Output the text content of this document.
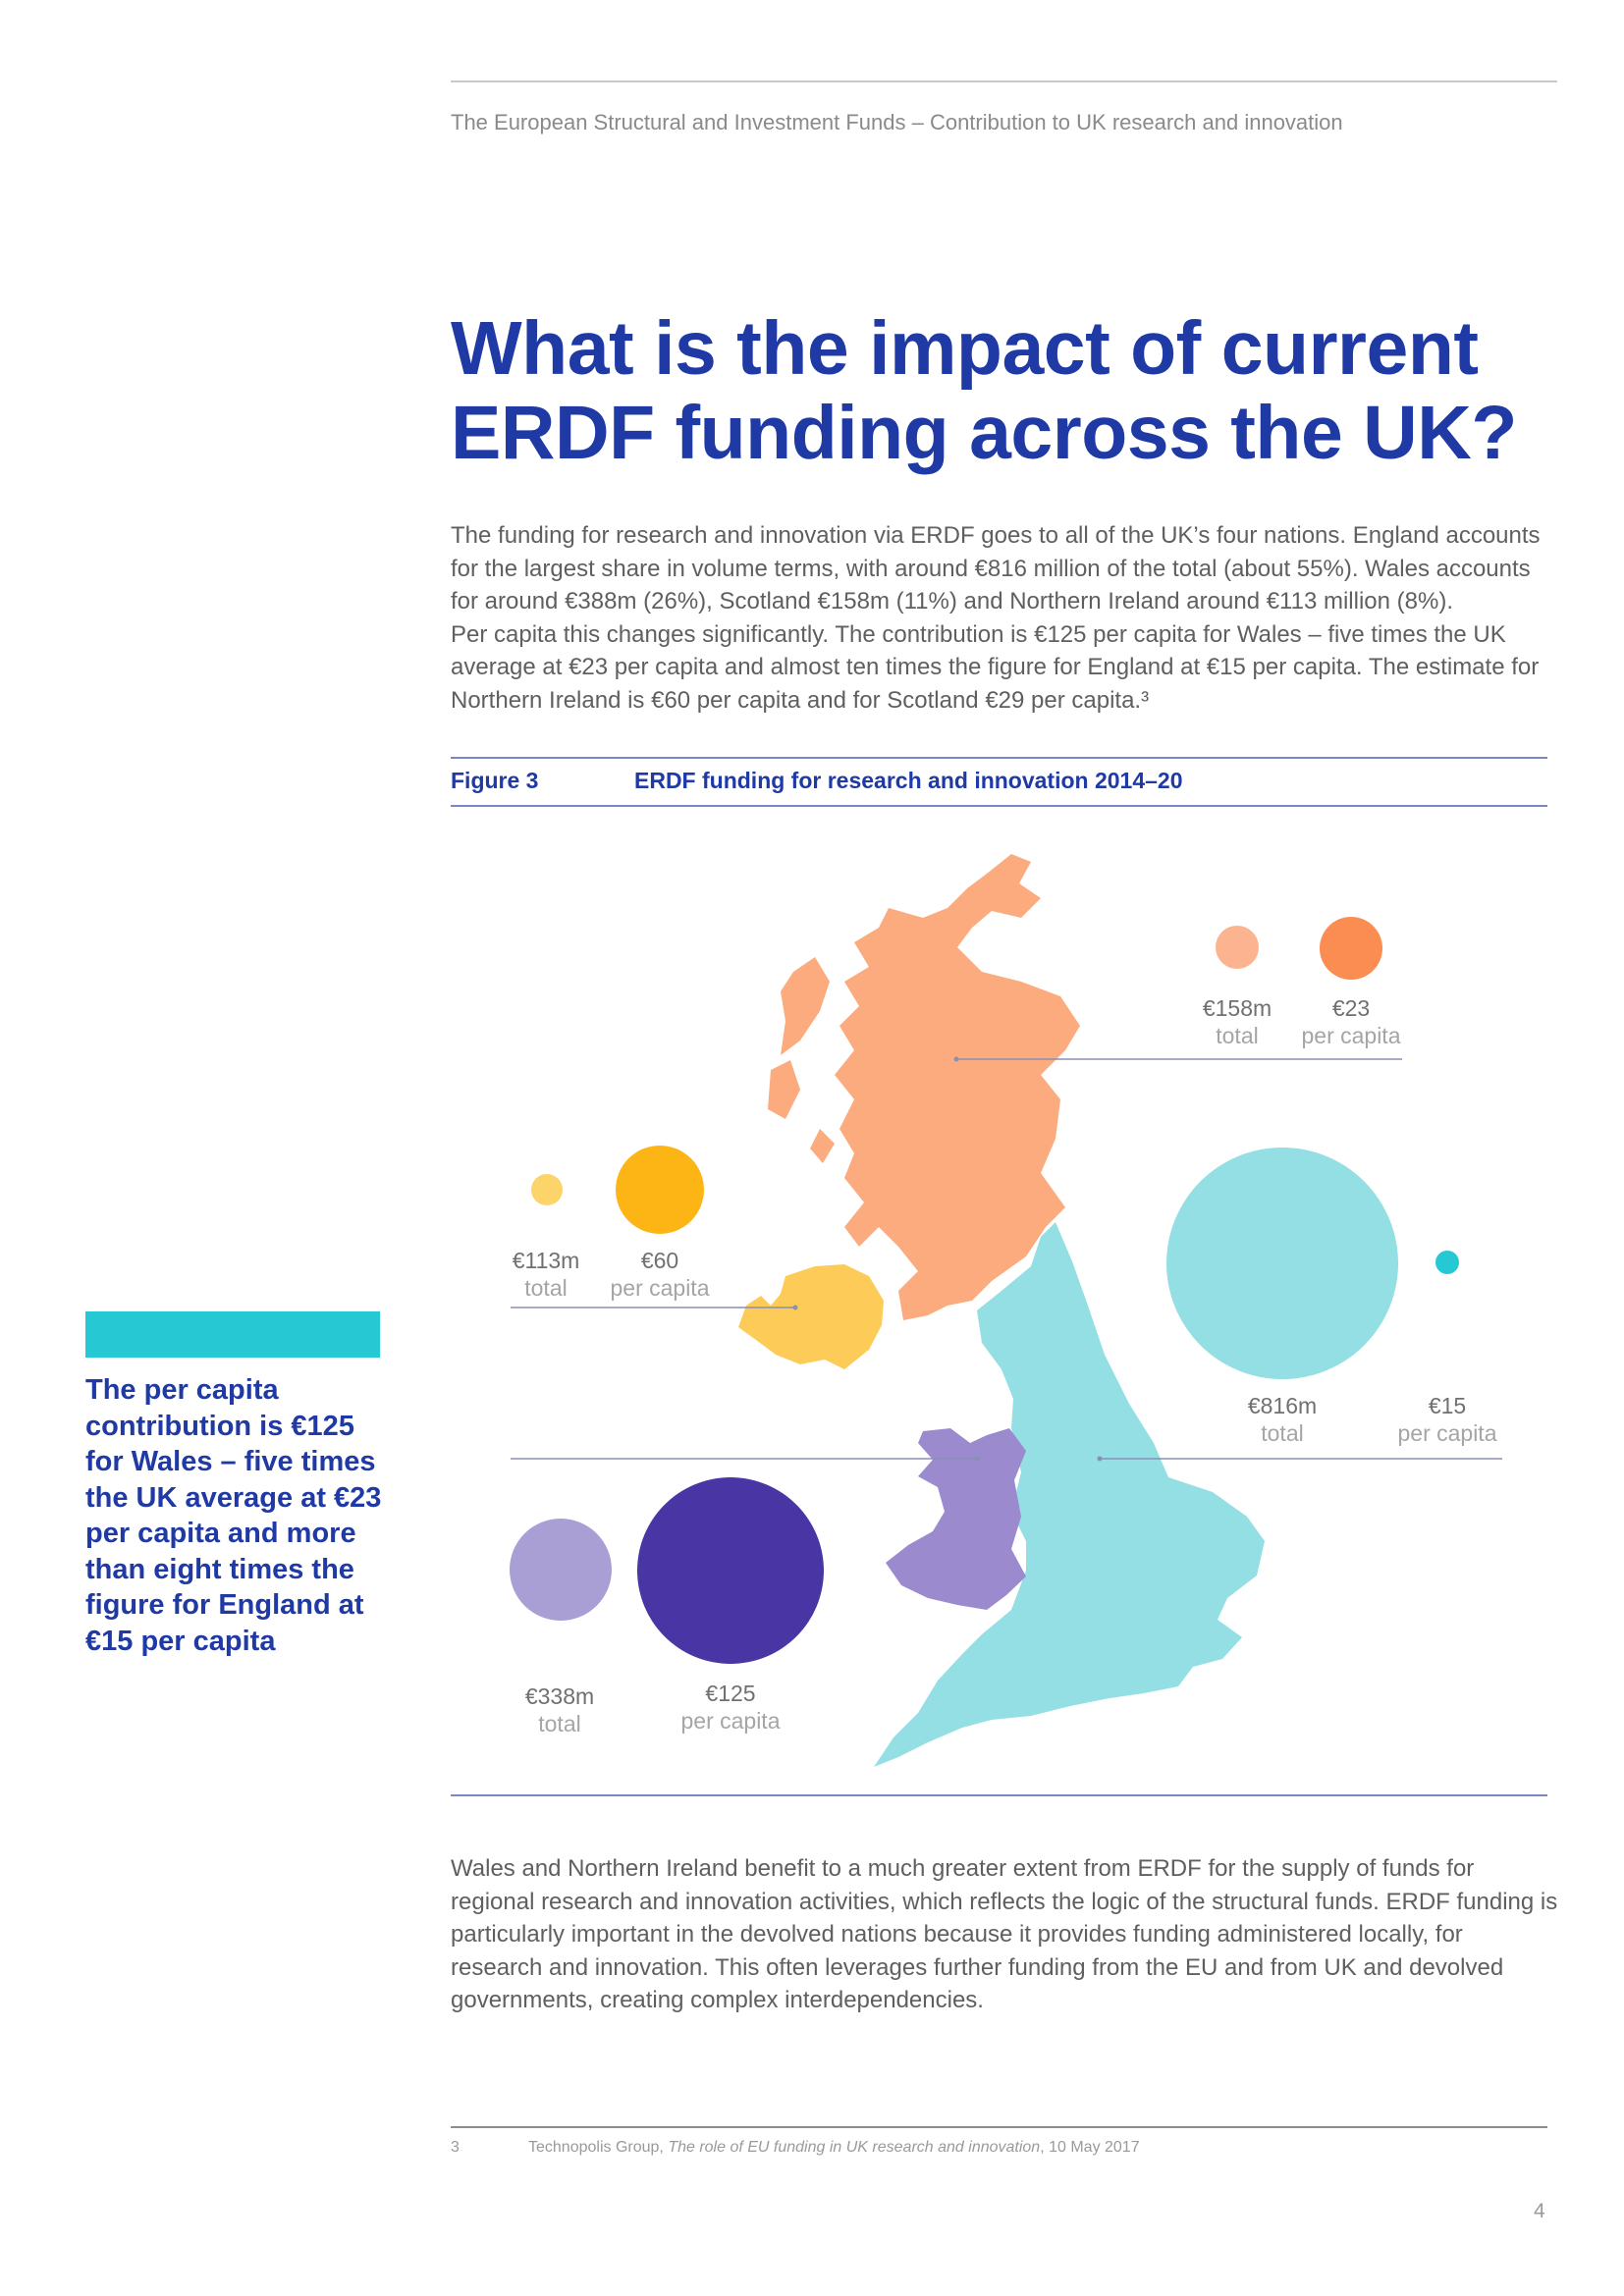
The European Structural and Investment Funds – Contribution to UK research and innovation
What is the impact of current ERDF funding across the UK?

The funding for research and innovation via ERDF goes to all of the UK’s four nations. England accounts for the largest share in volume terms, with around €816 million of the total (about 55%). Wales accounts for around €388m (26%), Scotland €158m (11%) and Northern Ireland around €113 million (8%).

Per capita this changes significantly. The contribution is €125 per capita for Wales – five times the UK average at €23 per capita and almost ten times the figure for England at €15 per capita. The estimate for Northern Ireland is €60 per capita and for Scotland €29 per capita.³

Figure 3	ERDF funding for research and innovation 2014–20
€158m
total
€23
per capita
€113m
total
€60
per capita
€816m
total
€15
per capita
€338m
total
€125
per capita

The per capita contribution is €125 for Wales – five times the UK average at €23 per capita and more than eight times the figure for England at €15 per capita

Wales and Northern Ireland benefit to a much greater extent from ERDF for the supply of funds for regional research and innovation activities, which reflects the logic of the structural funds. ERDF funding is particularly important in the devolved nations because it provides funding administered locally, for research and innovation. This often leverages further funding from the EU and from UK and devolved governments, creating complex interdependencies.

3	Technopolis Group, The role of EU funding in UK research and innovation, 10 May 2017
4
